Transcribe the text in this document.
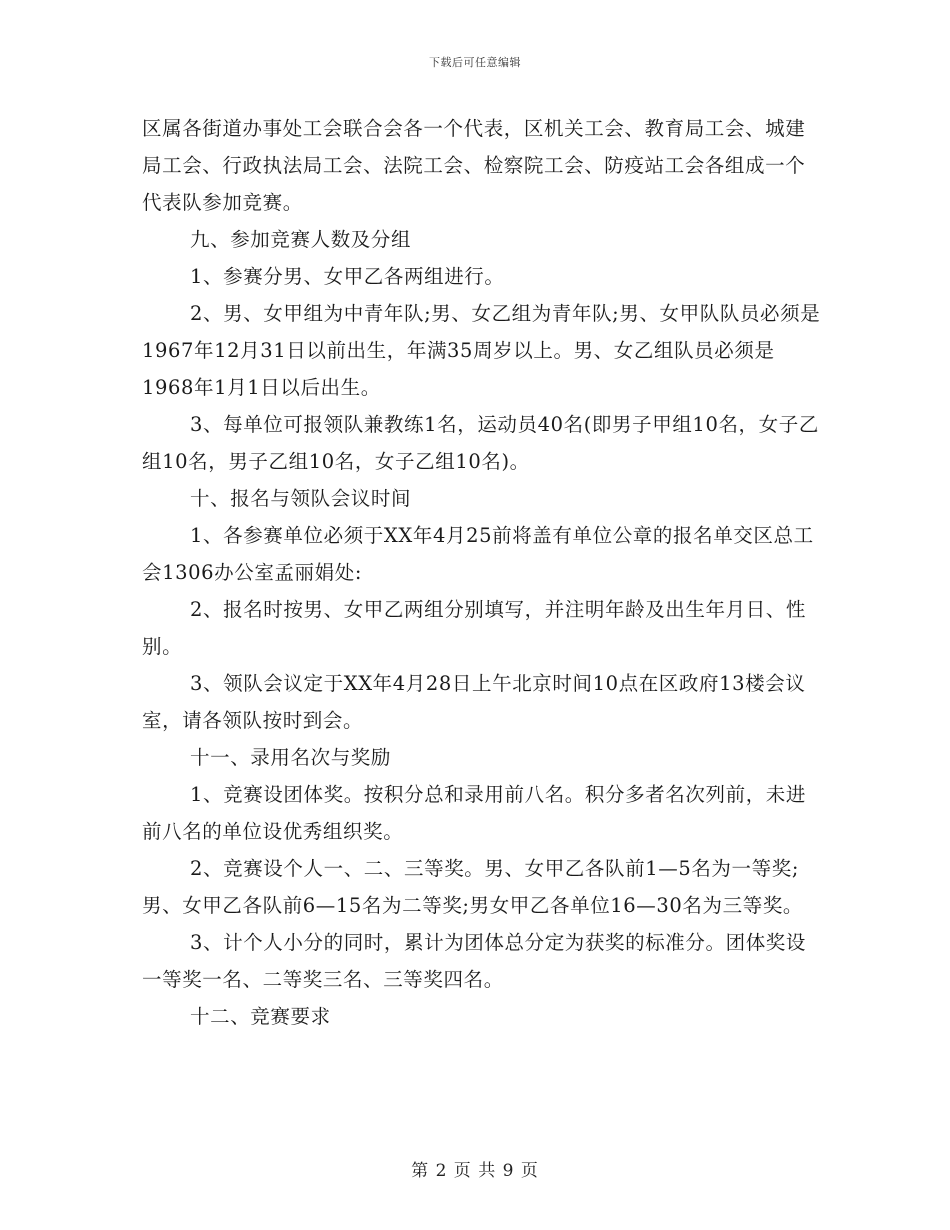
下载后可任意编辑

区属各街道办事处工会联合会各一个代表，区机关工会、教育局工会、城建局工会、行政执法局工会、法院工会、检察院工会、防疫站工会各组成一个代表队参加竞赛。

九、参加竞赛人数及分组

1、参赛分男、女甲乙各两组进行。

2、男、女甲组为中青年队;男、女乙组为青年队;男、女甲队队员必须是1967年12月31日以前出生，年满35周岁以上。男、女乙组队员必须是1968年1月1日以后出生。

3、每单位可报领队兼教练1名，运动员40名(即男子甲组10名，女子乙组10名，男子乙组10名，女子乙组10名)。

十、报名与领队会议时间

1、各参赛单位必须于XX年4月25前将盖有单位公章的报名单交区总工会1306办公室孟丽娟处:

2、报名时按男、女甲乙两组分别填写，并注明年龄及出生年月日、性别。

3、领队会议定于XX年4月28日上午北京时间10点在区政府13楼会议室，请各领队按时到会。

十一、录用名次与奖励

1、竞赛设团体奖。按积分总和录用前八名。积分多者名次列前，未进前八名的单位设优秀组织奖。

2、竞赛设个人一、二、三等奖。男、女甲乙各队前1—5名为一等奖;男、女甲乙各队前6—15名为二等奖;男女甲乙各单位16—30名为三等奖。

3、计个人小分的同时，累计为团体总分定为获奖的标准分。团体奖设一等奖一名、二等奖三名、三等奖四名。

十二、竞赛要求

第 2 页 共 9 页
